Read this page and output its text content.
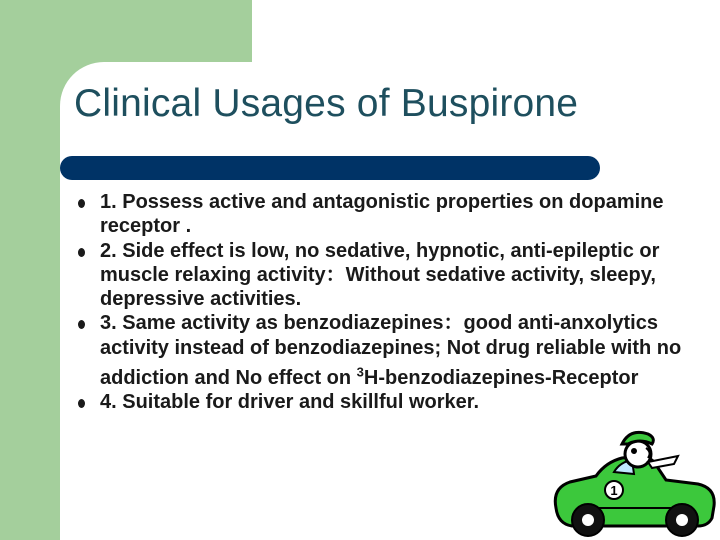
Clinical Usages of Buspirone
1. Possess active and antagonistic properties on dopamine receptor .
2. Side effect is low, no sedative, hypnotic, anti-epileptic or muscle relaxing activity：Without sedative activity, sleepy, depressive activities.
3. Same activity as benzodiazepines：good anti-anxolytics activity instead of benzodiazepines; Not drug reliable with no addiction and No effect on $^3$H-benzodiazepines-Receptor
4. Suitable for driver and skillful worker.
1
